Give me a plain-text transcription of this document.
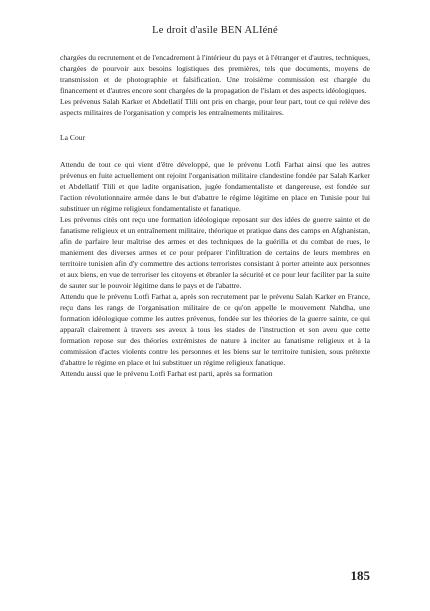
Le droit d'asile BEN ALIéné

chargées du recrutement et de l'encadrement à l'intérieur du pays et à l'étranger et d'autres, techniques, chargées de pourvoir aux besoins logistiques des premières, tels que documents, moyens de transmission et de photographie et falsification. Une troisième commission est chargée du financement et d'autres encore sont chargées de la propagation de l'islam et des aspects idéologiques.

Les prévenus Salah Karker et Abdellatif Tlili ont pris en charge, pour leur part, tout ce qui relève des aspects militaires de l'organisation y compris les entraînements militaires.

La Cour

Attendu de tout ce qui vient d'être développé, que le prévenu Lotfi Farhat ainsi que les autres prévenus en fuite actuellement ont rejoint l'organisation militaire clandestine fondée par Salah Karker et Abdellatif Tlili et que ladite organisation, jugée fondamentaliste et dangereuse, est fondée sur l'action révolutionnaire armée dans le but d'abattre le régime légitime en place en Tunisie pour lui substituer un régime religieux fondamentaliste et fanatique.

Les prévenus cités ont reçu une formation idéologique reposant sur des idées de guerre sainte et de fanatisme religieux et un entraînement militaire, théorique et pratique dans des camps en Afghanistan, afin de parfaire leur maîtrise des armes et des techniques de la guérilla et du combat de rues, le maniement des diverses armes et ce pour préparer l'infiltration de certains de leurs membres en territoire tunisien afin d'y commettre des actions terroristes consistant à porter atteinte aux personnes et aux biens, en vue de terroriser les citoyens et ébranler la sécurité et ce pour leur faciliter par la suite de sauter sur le pouvoir légitime dans le pays et de l'abattre.

Attendu que le prévenu Lotfi Farhat a, après son recrutement par le prévenu Salah Karker en France, reçu dans les rangs de l'organisation militaire de ce qu'on appelle le mouvement Nahdha, une formation idéologique comme les autres prévenus, fondée sur les théories de la guerre sainte, ce qui apparaît clairement à travers ses aveux à tous les stades de l'instruction et son aveu que cette formation repose sur des théories extrémistes de nature à inciter au fanatisme religieux et à la commission d'actes violents contre les personnes et les biens sur le territoire tunisien, sous prétexte d'abattre le régime en place et lui substituer un régime religieux fanatique.

Attendu aussi que le prévenu Lotfi Farhat est parti, après sa formation

185
